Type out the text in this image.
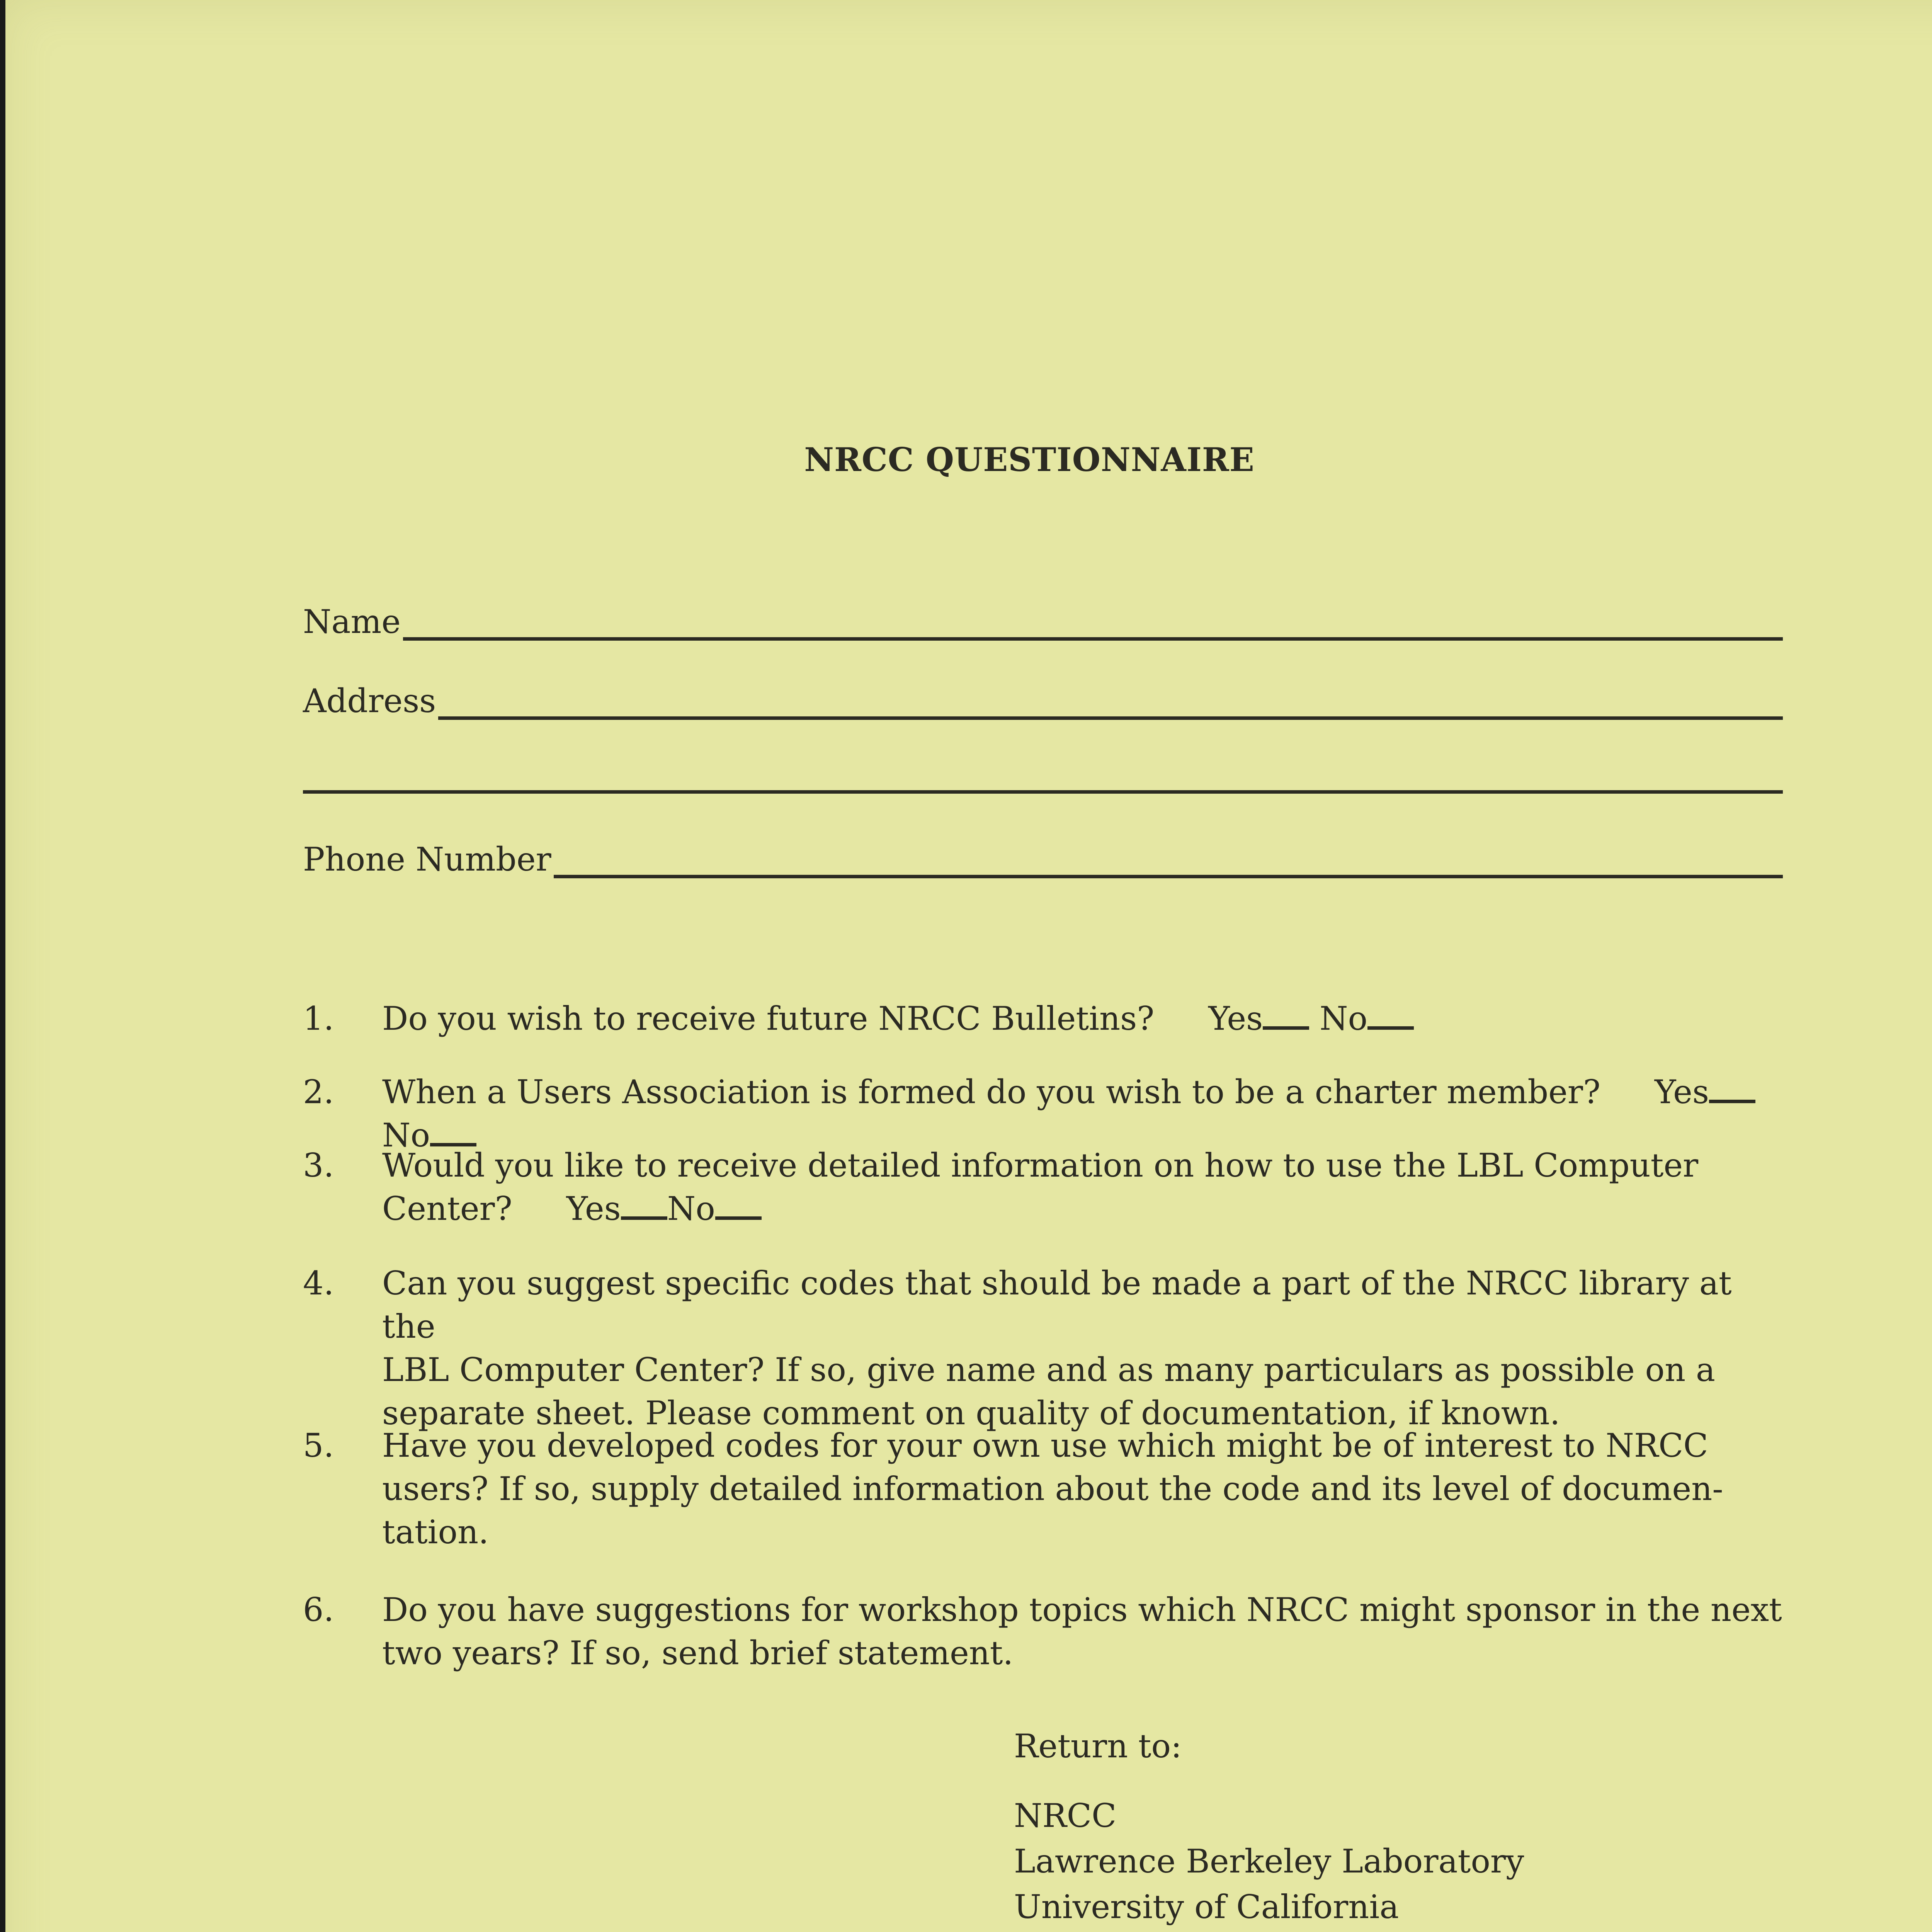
NRCC QUESTIONNAIRE
Name
Address
Phone Number
1. Do you wish to receive future NRCC Bulletins? Yes No
2. When a Users Association is formed do you wish to be a charter member? YesNo
3. Would you like to receive detailed information on how to use the LBL Computer
Center? Yes No
4. Can you suggest specific codes that should be made a part of the NRCC library at the
LBL Computer Center? If so, give name and as many particulars as possible on a
separate sheet. Please comment on quality of documentation, if known.
5. Have you developed codes for your own use which might be of interest to NRCC
users? If so, supply detailed information about the code and its level of documen-
tation.
6. Do you have suggestions for workshop topics which NRCC might sponsor in the next
two years? If so, send brief statement.
Return to:
NRCC
Lawrence Berkeley Laboratory
University of California
